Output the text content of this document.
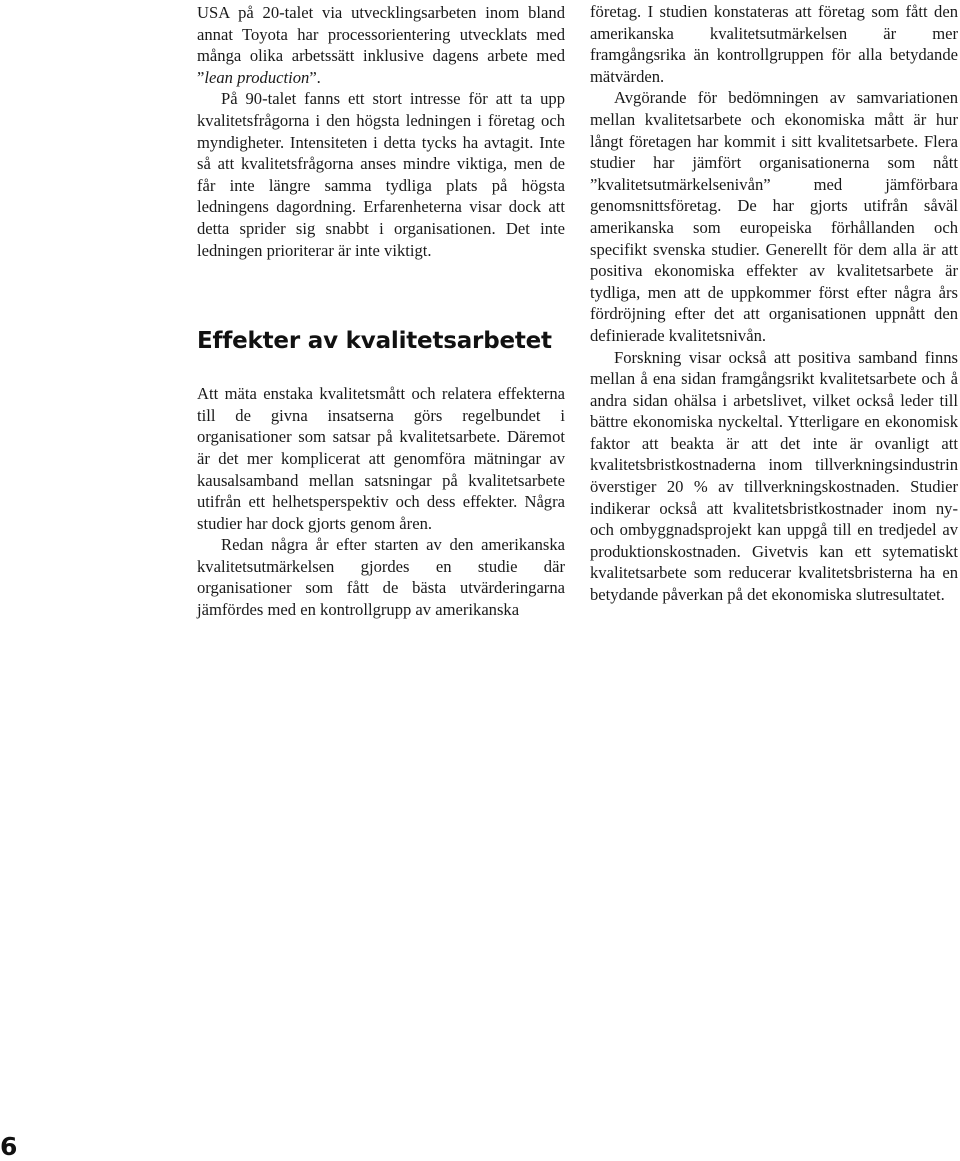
USA på 20-talet via utvecklingsarbeten inom bland annat Toyota har processorientering utvecklats med många olika arbetssätt inklusive dagens arbete med ”lean production”.

På 90-talet fanns ett stort intresse för att ta upp kvalitetsfrågorna i den högsta ledningen i företag och myndigheter. Intensiteten i detta tycks ha avtagit. Inte så att kvalitetsfrågorna anses mindre viktiga, men de får inte längre samma tydliga plats på högsta ledningens dagordning. Erfarenheterna visar dock att detta sprider sig snabbt i organisationen. Det inte ledningen prioriterar är inte viktigt.

Effekter av kvalitetsarbetet

Att mäta enstaka kvalitetsmått och relatera effekterna till de givna insatserna görs regelbundet i organisationer som satsar på kvalitetsarbete. Däremot är det mer komplicerat att genomföra mätningar av kausalsamband mellan satsningar på kvalitetsarbete utifrån ett helhetsperspektiv och dess effekter. Några studier har dock gjorts genom åren.

Redan några år efter starten av den amerikanska kvalitetsutmärkelsen gjordes en studie där organisationer som fått de bästa utvärderingarna jämfördes med en kontrollgrupp av amerikanska

företag. I studien konstateras att företag som fått den amerikanska kvalitetsutmärkelsen är mer framgångsrika än kontrollgruppen för alla betydande mätvärden.

Avgörande för bedömningen av samvariationen mellan kvalitetsarbete och ekonomiska mått är hur långt företagen har kommit i sitt kvalitetsarbete. Flera studier har jämfört organisationerna som nått ”kvalitetsutmärkelsenivån” med jämförbara genomsnittsföretag. De har gjorts utifrån såväl amerikanska som europeiska förhållanden och specifikt svenska studier. Generellt för dem alla är att positiva ekonomiska effekter av kvalitetsarbete är tydliga, men att de uppkommer först efter några års fördröjning efter det att organisationen uppnått den definierade kvalitetsnivån.

Forskning visar också att positiva samband finns mellan å ena sidan framgångsrikt kvalitetsarbete och å andra sidan ohälsa i arbetslivet, vilket också leder till bättre ekonomiska nyckeltal. Ytterligare en ekonomisk faktor att beakta är att det inte är ovanligt att kvalitetsbristkostnaderna inom tillverkningsindustrin överstiger 20 % av tillverkningskostnaden. Studier indikerar också att kvalitetsbristkostnader inom ny- och ombyggnadsprojekt kan uppgå till en tredjedel av produktionskostnaden. Givetvis kan ett sytematiskt kvalitetsarbete som reducerar kvalitetsbristerna ha en betydande påverkan på det ekonomiska slutresultatet.

6
